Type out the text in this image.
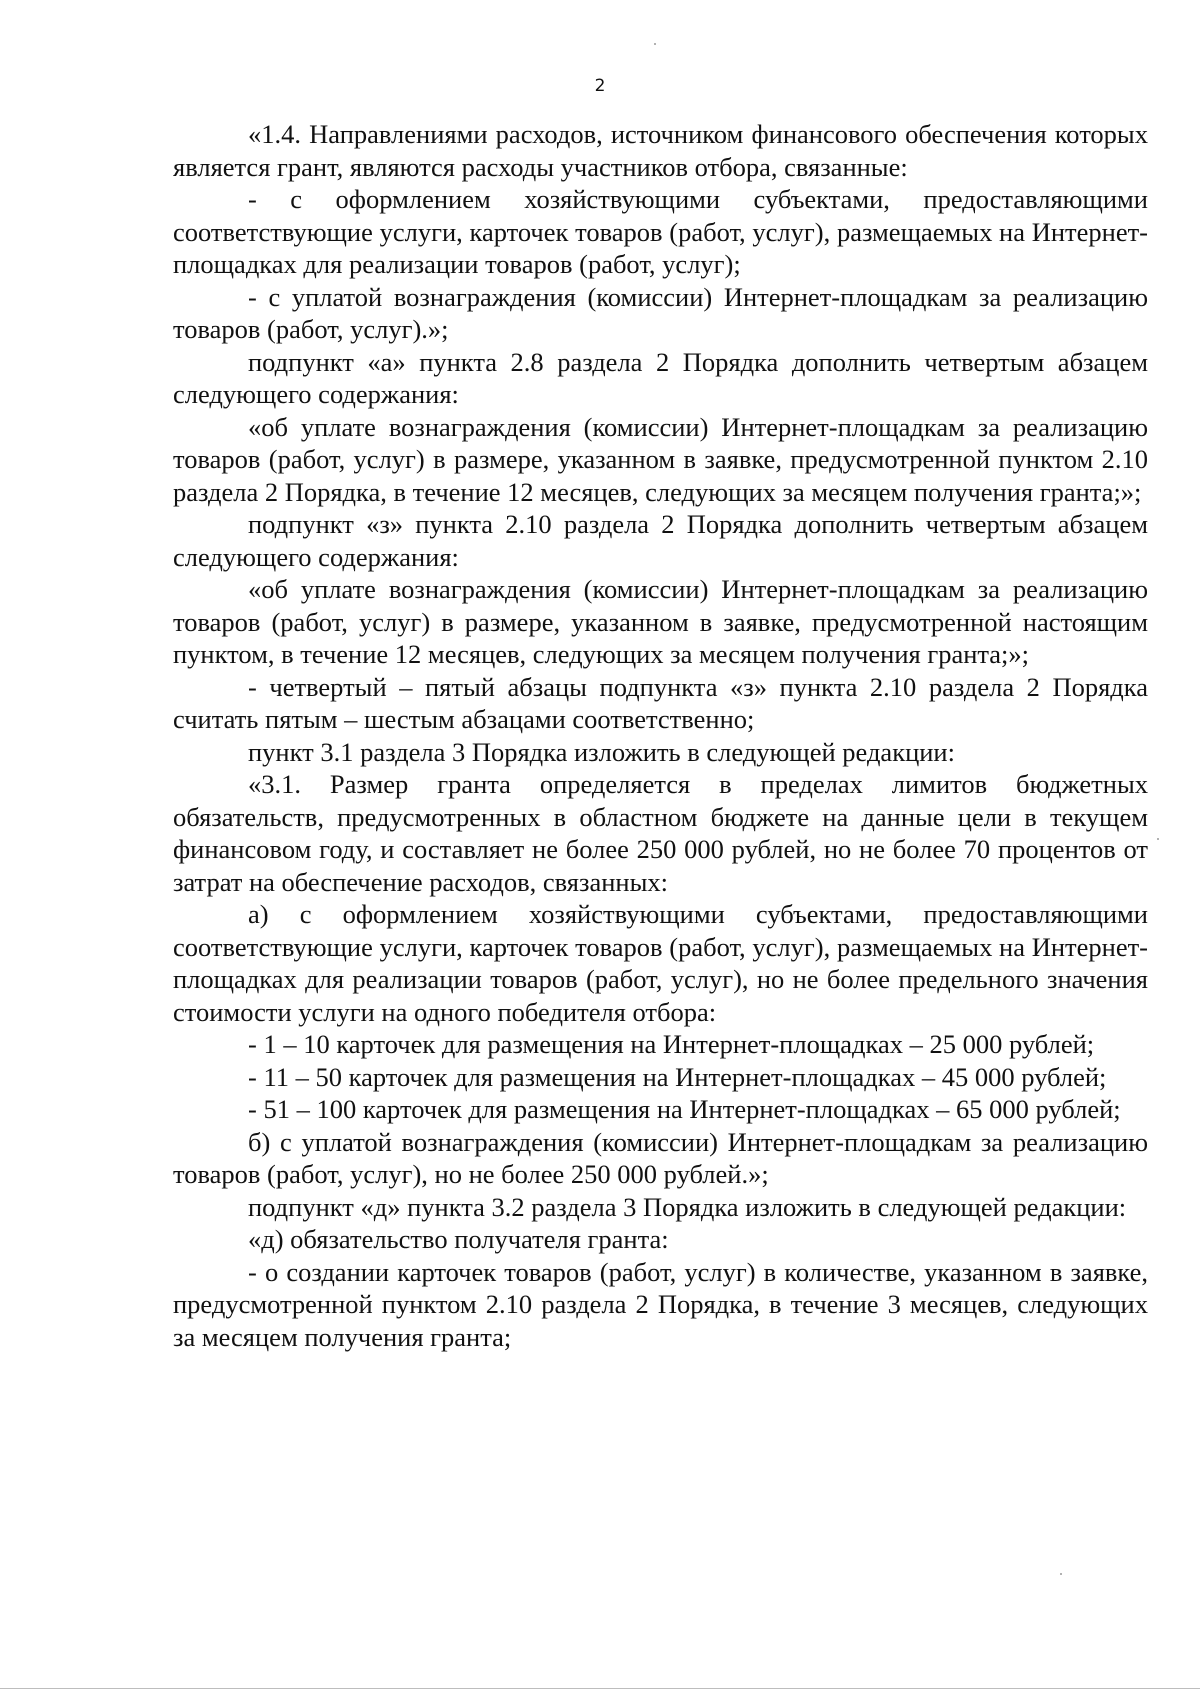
2

«1.4. Направлениями расходов, источником финансового обеспечения которых является грант, являются расходы участников отбора, связанные:

- с оформлением хозяйствующими субъектами, предоставляющими соответствующие услуги, карточек товаров (работ, услуг), размещаемых на Интернет-площадках для реализации товаров (работ, услуг);

- с уплатой вознаграждения (комиссии) Интернет-площадкам за реализацию товаров (работ, услуг).»;

подпункт «а» пункта 2.8 раздела 2 Порядка дополнить четвертым абзацем следующего содержания:

«об уплате вознаграждения (комиссии) Интернет-площадкам за реализацию товаров (работ, услуг) в размере, указанном в заявке, предусмотренной пунктом 2.10 раздела 2 Порядка, в течение 12 месяцев, следующих за месяцем получения гранта;»;

подпункт «з» пункта 2.10 раздела 2 Порядка дополнить четвертым абзацем следующего содержания:

«об уплате вознаграждения (комиссии) Интернет-площадкам за реализацию товаров (работ, услуг) в размере, указанном в заявке, предусмотренной настоящим пунктом, в течение 12 месяцев, следующих за месяцем получения гранта;»;

- четвертый – пятый абзацы подпункта «з» пункта 2.10 раздела 2 Порядка считать пятым – шестым абзацами соответственно;

пункт 3.1 раздела 3 Порядка изложить в следующей редакции:

«3.1. Размер гранта определяется в пределах лимитов бюджетных обязательств, предусмотренных в областном бюджете на данные цели в текущем финансовом году, и составляет не более 250 000 рублей, но не более 70 процентов от затрат на обеспечение расходов, связанных:

а) с оформлением хозяйствующими субъектами, предоставляющими соответствующие услуги, карточек товаров (работ, услуг), размещаемых на Интернет-площадках для реализации товаров (работ, услуг), но не более предельного значения стоимости услуги на одного победителя отбора:

- 1 – 10 карточек для размещения на Интернет-площадках – 25 000 рублей;

- 11 – 50 карточек для размещения на Интернет-площадках – 45 000 рублей;

- 51 – 100 карточек для размещения на Интернет-площадках – 65 000 рублей;

б) с уплатой вознаграждения (комиссии) Интернет-площадкам за реализацию товаров (работ, услуг), но не более 250 000 рублей.»;

подпункт «д» пункта 3.2 раздела 3 Порядка изложить в следующей редакции:

«д) обязательство получателя гранта:

- о создании карточек товаров (работ, услуг) в количестве, указанном в заявке, предусмотренной пунктом 2.10 раздела 2 Порядка, в течение 3 месяцев, следующих за месяцем получения гранта;
